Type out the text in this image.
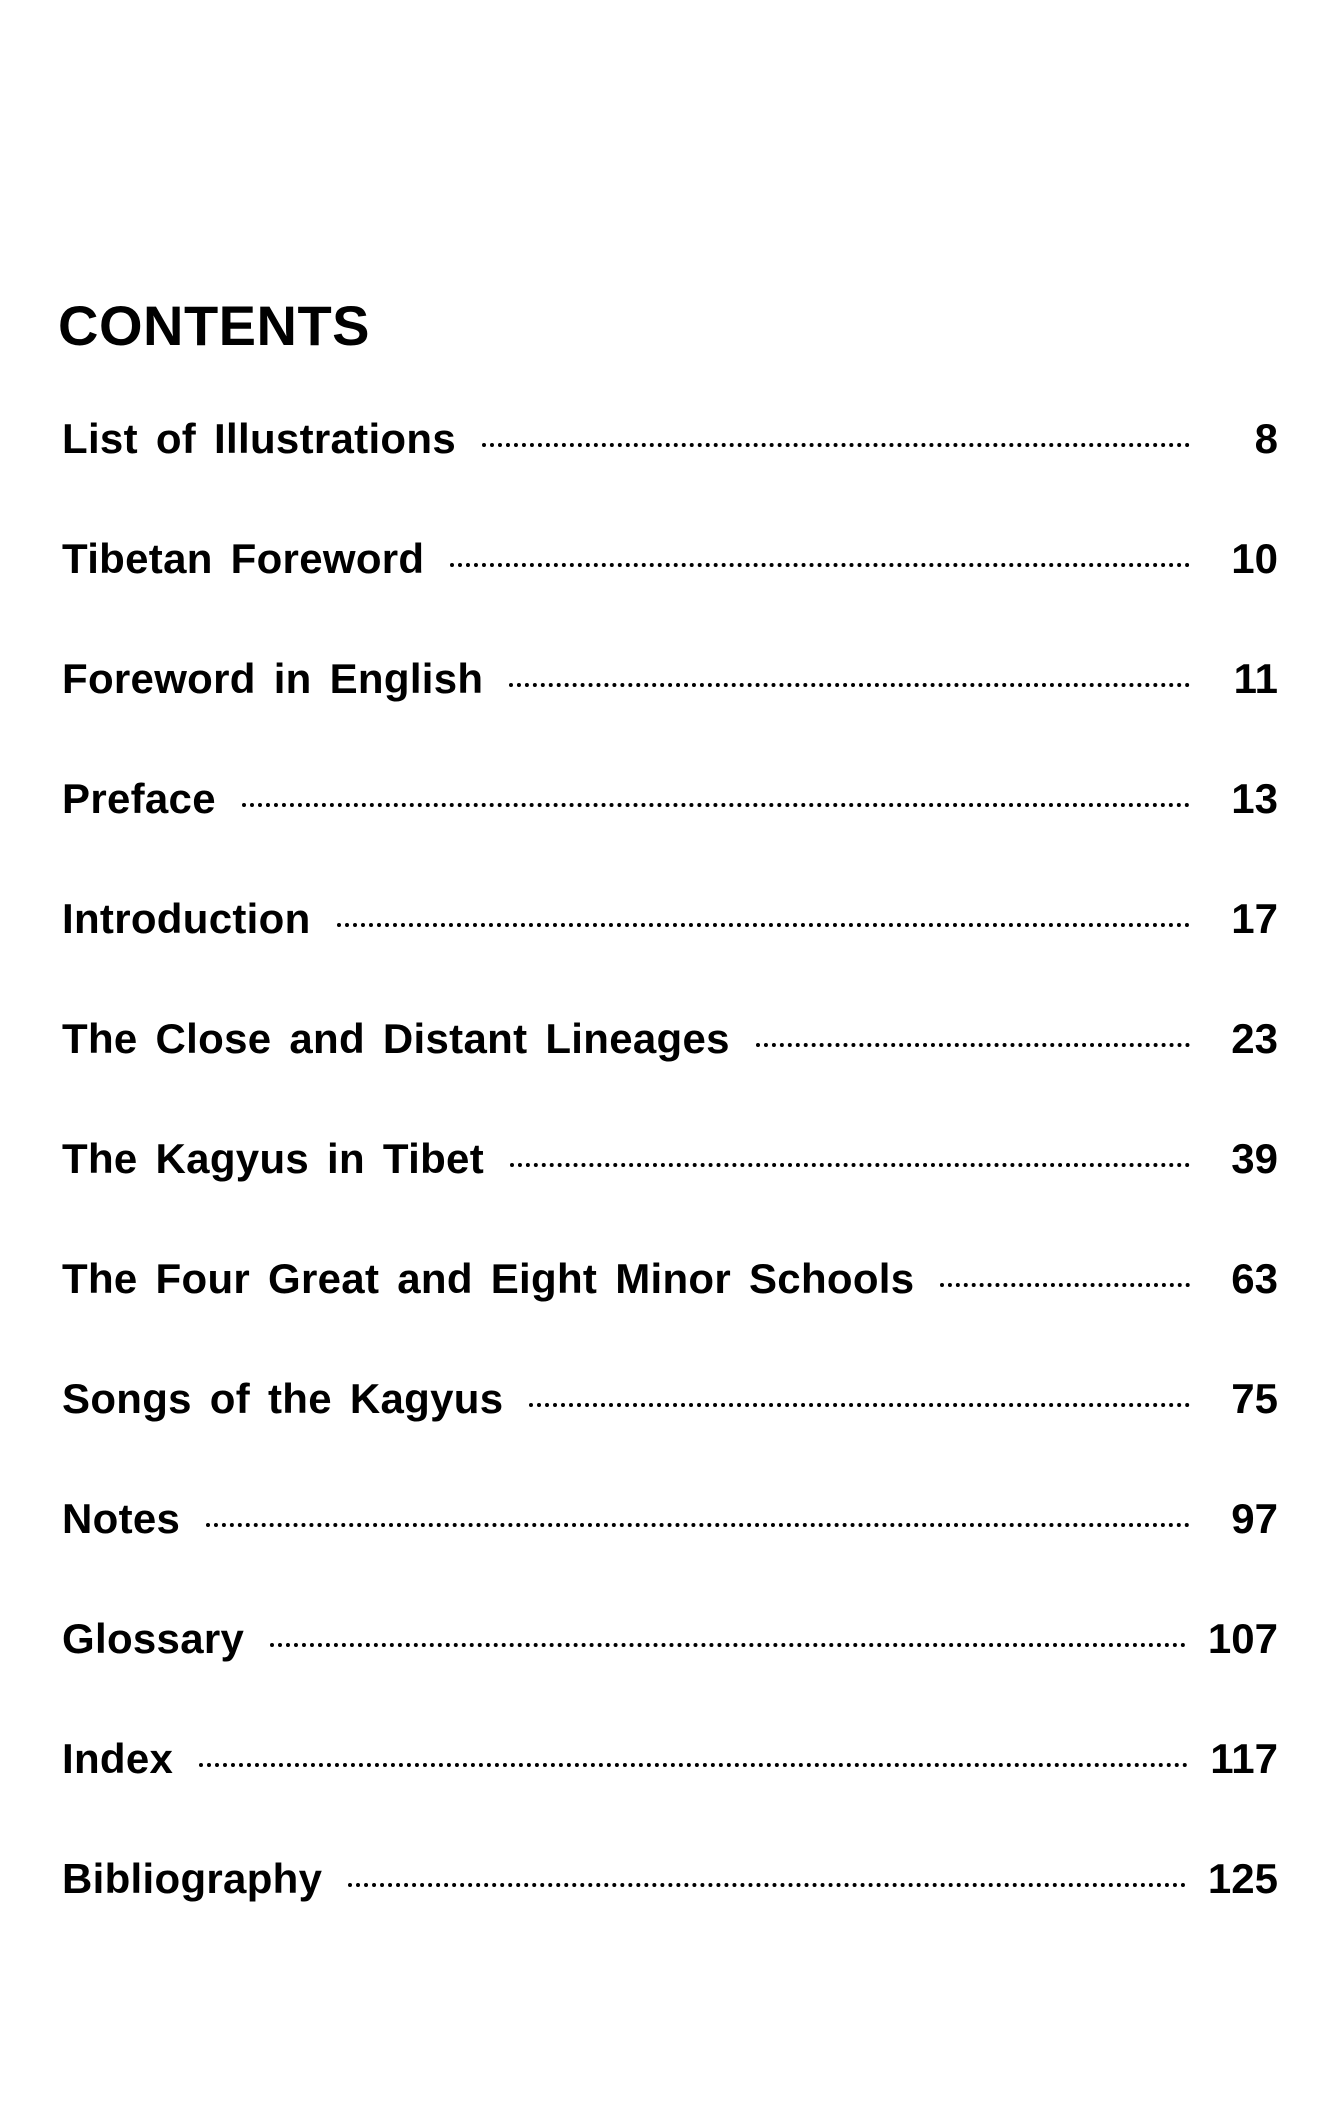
CONTENTS
List of Illustrations	8
Tibetan Foreword	10
Foreword in English	11
Preface	13
Introduction	17
The Close and Distant Lineages	23
The Kagyus in Tibet	39
The Four Great and Eight Minor Schools	63
Songs of the Kagyus	75
Notes	97
Glossary	107
Index	117
Bibliography	125
